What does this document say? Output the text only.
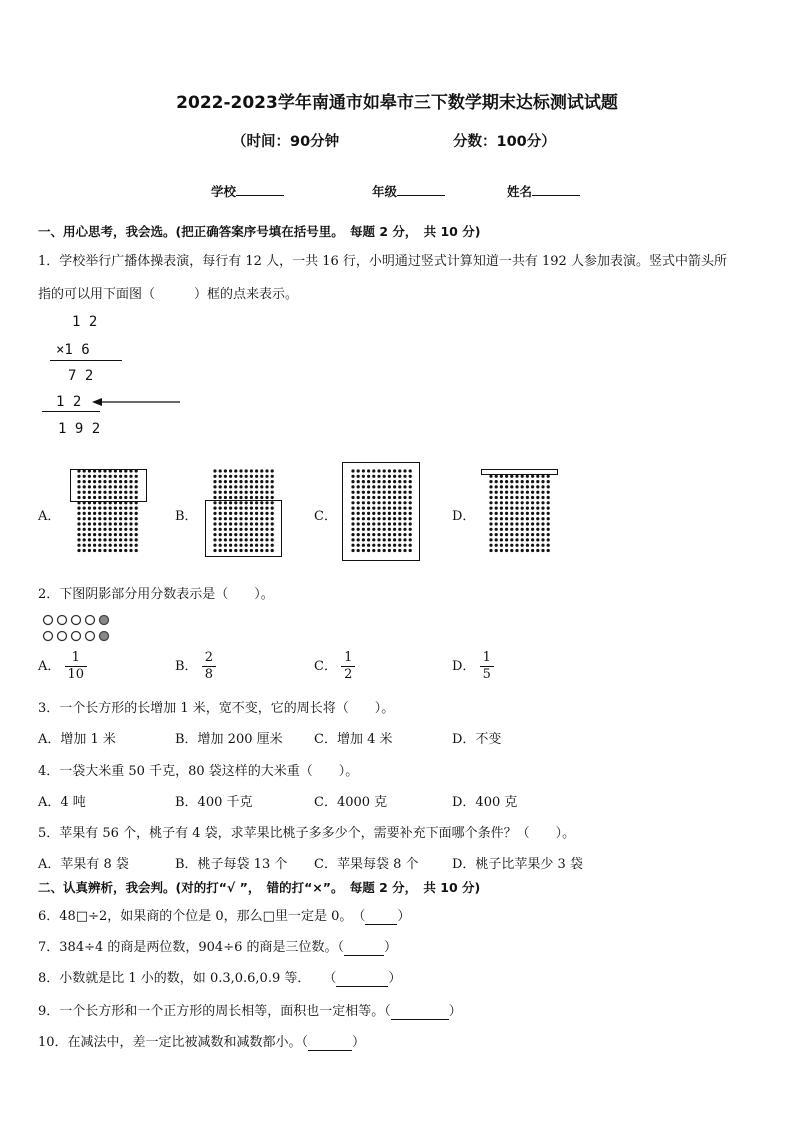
2022-2023学年南通市如皋市三下数学期末达标测试试题
（时间：90分钟	分数：100分）
学校	年级	姓名
一、用心思考，我会选。(把正确答案序号填在括号里。　每题 2 分，　共 10 分)
1．学校举行广播体操表演，每行有 12 人，一共 16 行，小明通过竖式计算知道一共有 192 人参加表演。竖式中箭头所
指的可以用下面图（　　　）框的点来表示。
1 2
×1 6
7 2
1 2
1 9 2
A．	B．	C．	D．
2．下图阴影部分用分数表示是（　　）。
A． $\frac{1}{10}$	B． $\frac{2}{8}$	C． $\frac{1}{2}$	D． $\frac{1}{5}$
3．一个长方形的长增加 1 米，宽不变，它的周长将（　　）。
A．增加 1 米	B．增加 200 厘米 C．增加 4 米	D．不变
4．一袋大米重 50 千克，80 袋这样的大米重（　　）。
A．4 吨	B．400 千克	C．4000 克	D．400 克
5．苹果有 56 个，桃子有 4 袋，求苹果比桃子多多少个，需要补充下面哪个条件？（　　）。
A．苹果有 8 袋	B．桃子每袋 13 个 C．苹果每袋 8 个	D．桃子比苹果少 3 袋
二、认真辨析，我会判。(对的打“√ ”，　错的打“×”。　每题 2 分，　共 10 分)
6．48□÷2，如果商的个位是 0，那么□里一定是 0。　（ ）
7．384÷4 的商是两位数，904÷6 的商是三位数。（	）
8．小数就是比 1 小的数，如 0.3,0.6,0.9 等．　　（	）
9．一个长方形和一个正方形的周长相等，面积也一定相等。（	）
10．在减法中，差一定比被减数和减数都小。（	）
